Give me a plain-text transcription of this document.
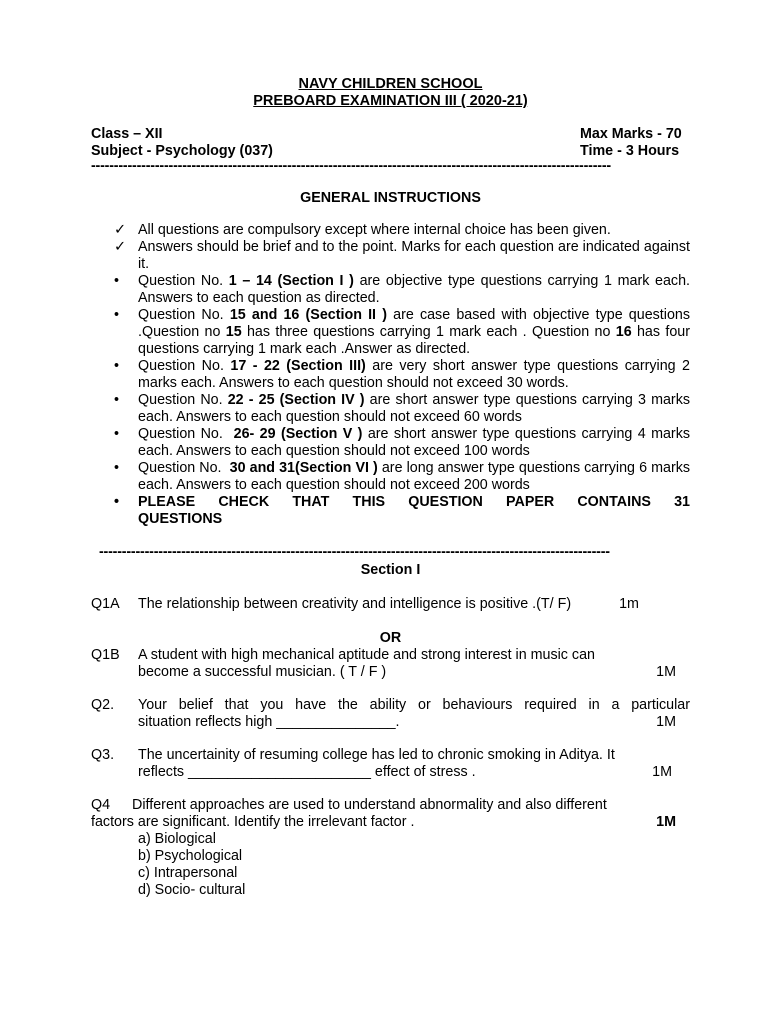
NAVY CHILDREN SCHOOL
PREBOARD EXAMINATION III ( 2020-21)
Class – XII	Max Marks - 70
Subject - Psychology (037)	Time - 3 Hours
------------------------------------------------------------------------------------------------------------------
GENERAL INSTRUCTIONS
✓ All questions are compulsory except where internal choice has been given.
✓ Answers should be brief and to the point. Marks for each question are indicated against it.
•	Question No. 1 – 14 (Section I ) are objective type questions carrying 1 mark each. Answers to each question as directed.
•	Question No. 15 and 16 (Section II ) are case based with objective type questions .Question no 15 has three questions carrying 1 mark each . Question no 16 has four questions carrying 1 mark each .Answer as directed.
•	Question No. 17 - 22 (Section III) are very short answer type questions carrying 2 marks each. Answers to each question should not exceed 30 words.
•	Question No. 22 - 25 (Section IV ) are short answer type questions carrying 3 marks each. Answers to each question should not exceed 60 words
•	Question No.  26- 29 (Section V ) are short answer type questions carrying 4 marks each. Answers to each question should not exceed 100 words
•	Question No.  30 and 31(Section VI ) are long answer type questions carrying 6 marks each. Answers to each question should not exceed 200 words
•	PLEASE CHECK THAT THIS QUESTION PAPER CONTAINS 31 QUESTIONS
----------------------------------------------------------------------------------------------------------------
Section I
Q1A	The relationship between creativity and intelligence is positive .(T/ F)	1m
OR
Q1B	A student with high mechanical aptitude and strong interest in music can
become a successful musician. ( T / F )	1M
Q2.	Your belief that you have the ability or behaviours required in a particular
situation reflects high _______________.	1M
Q3.	The uncertainity of resuming college has led to chronic smoking in Aditya. It
reflects _______________________ effect of stress .	1M
Q4 Different approaches are used to understand abnormality and also different
factors are significant. Identify the irrelevant factor .	1M
a) Biological
b) Psychological
c) Intrapersonal
d) Socio- cultural
